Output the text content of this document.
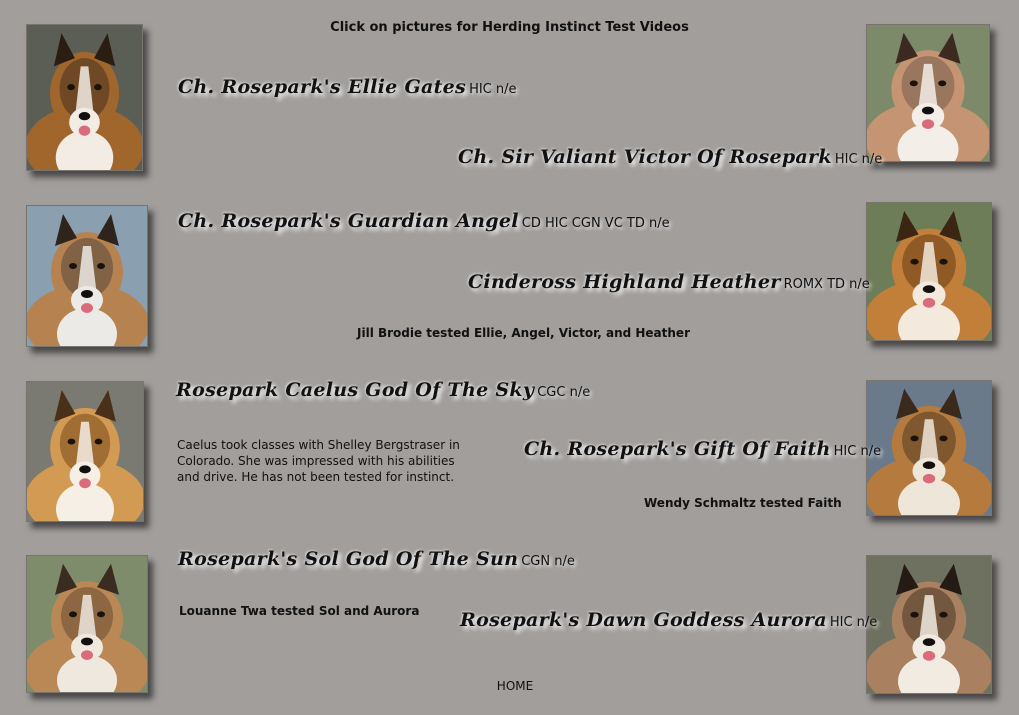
Click on pictures for Herding Instinct Test Videos
Ch. Rosepark's Ellie Gates HIC n/e
Ch. Sir Valiant Victor Of Rosepark HIC n/e
Ch. Rosepark's Guardian Angel CD HIC CGN VC TD n/e
Cindeross Highland Heather ROMX TD n/e
Rosepark Caelus God Of The Sky CGC n/e
Ch. Rosepark's Gift Of Faith HIC n/e
Rosepark's Sol God Of The Sun CGN n/e
Rosepark's Dawn Goddess Aurora HIC n/e
Jill Brodie tested Ellie, Angel, Victor, and Heather
Caelus took classes with Shelley Bergstraser in
Colorado. She was impressed with his abilities
and drive. He has not been tested for instinct.
Wendy Schmaltz tested Faith
Louanne Twa tested Sol and Aurora
HOME
